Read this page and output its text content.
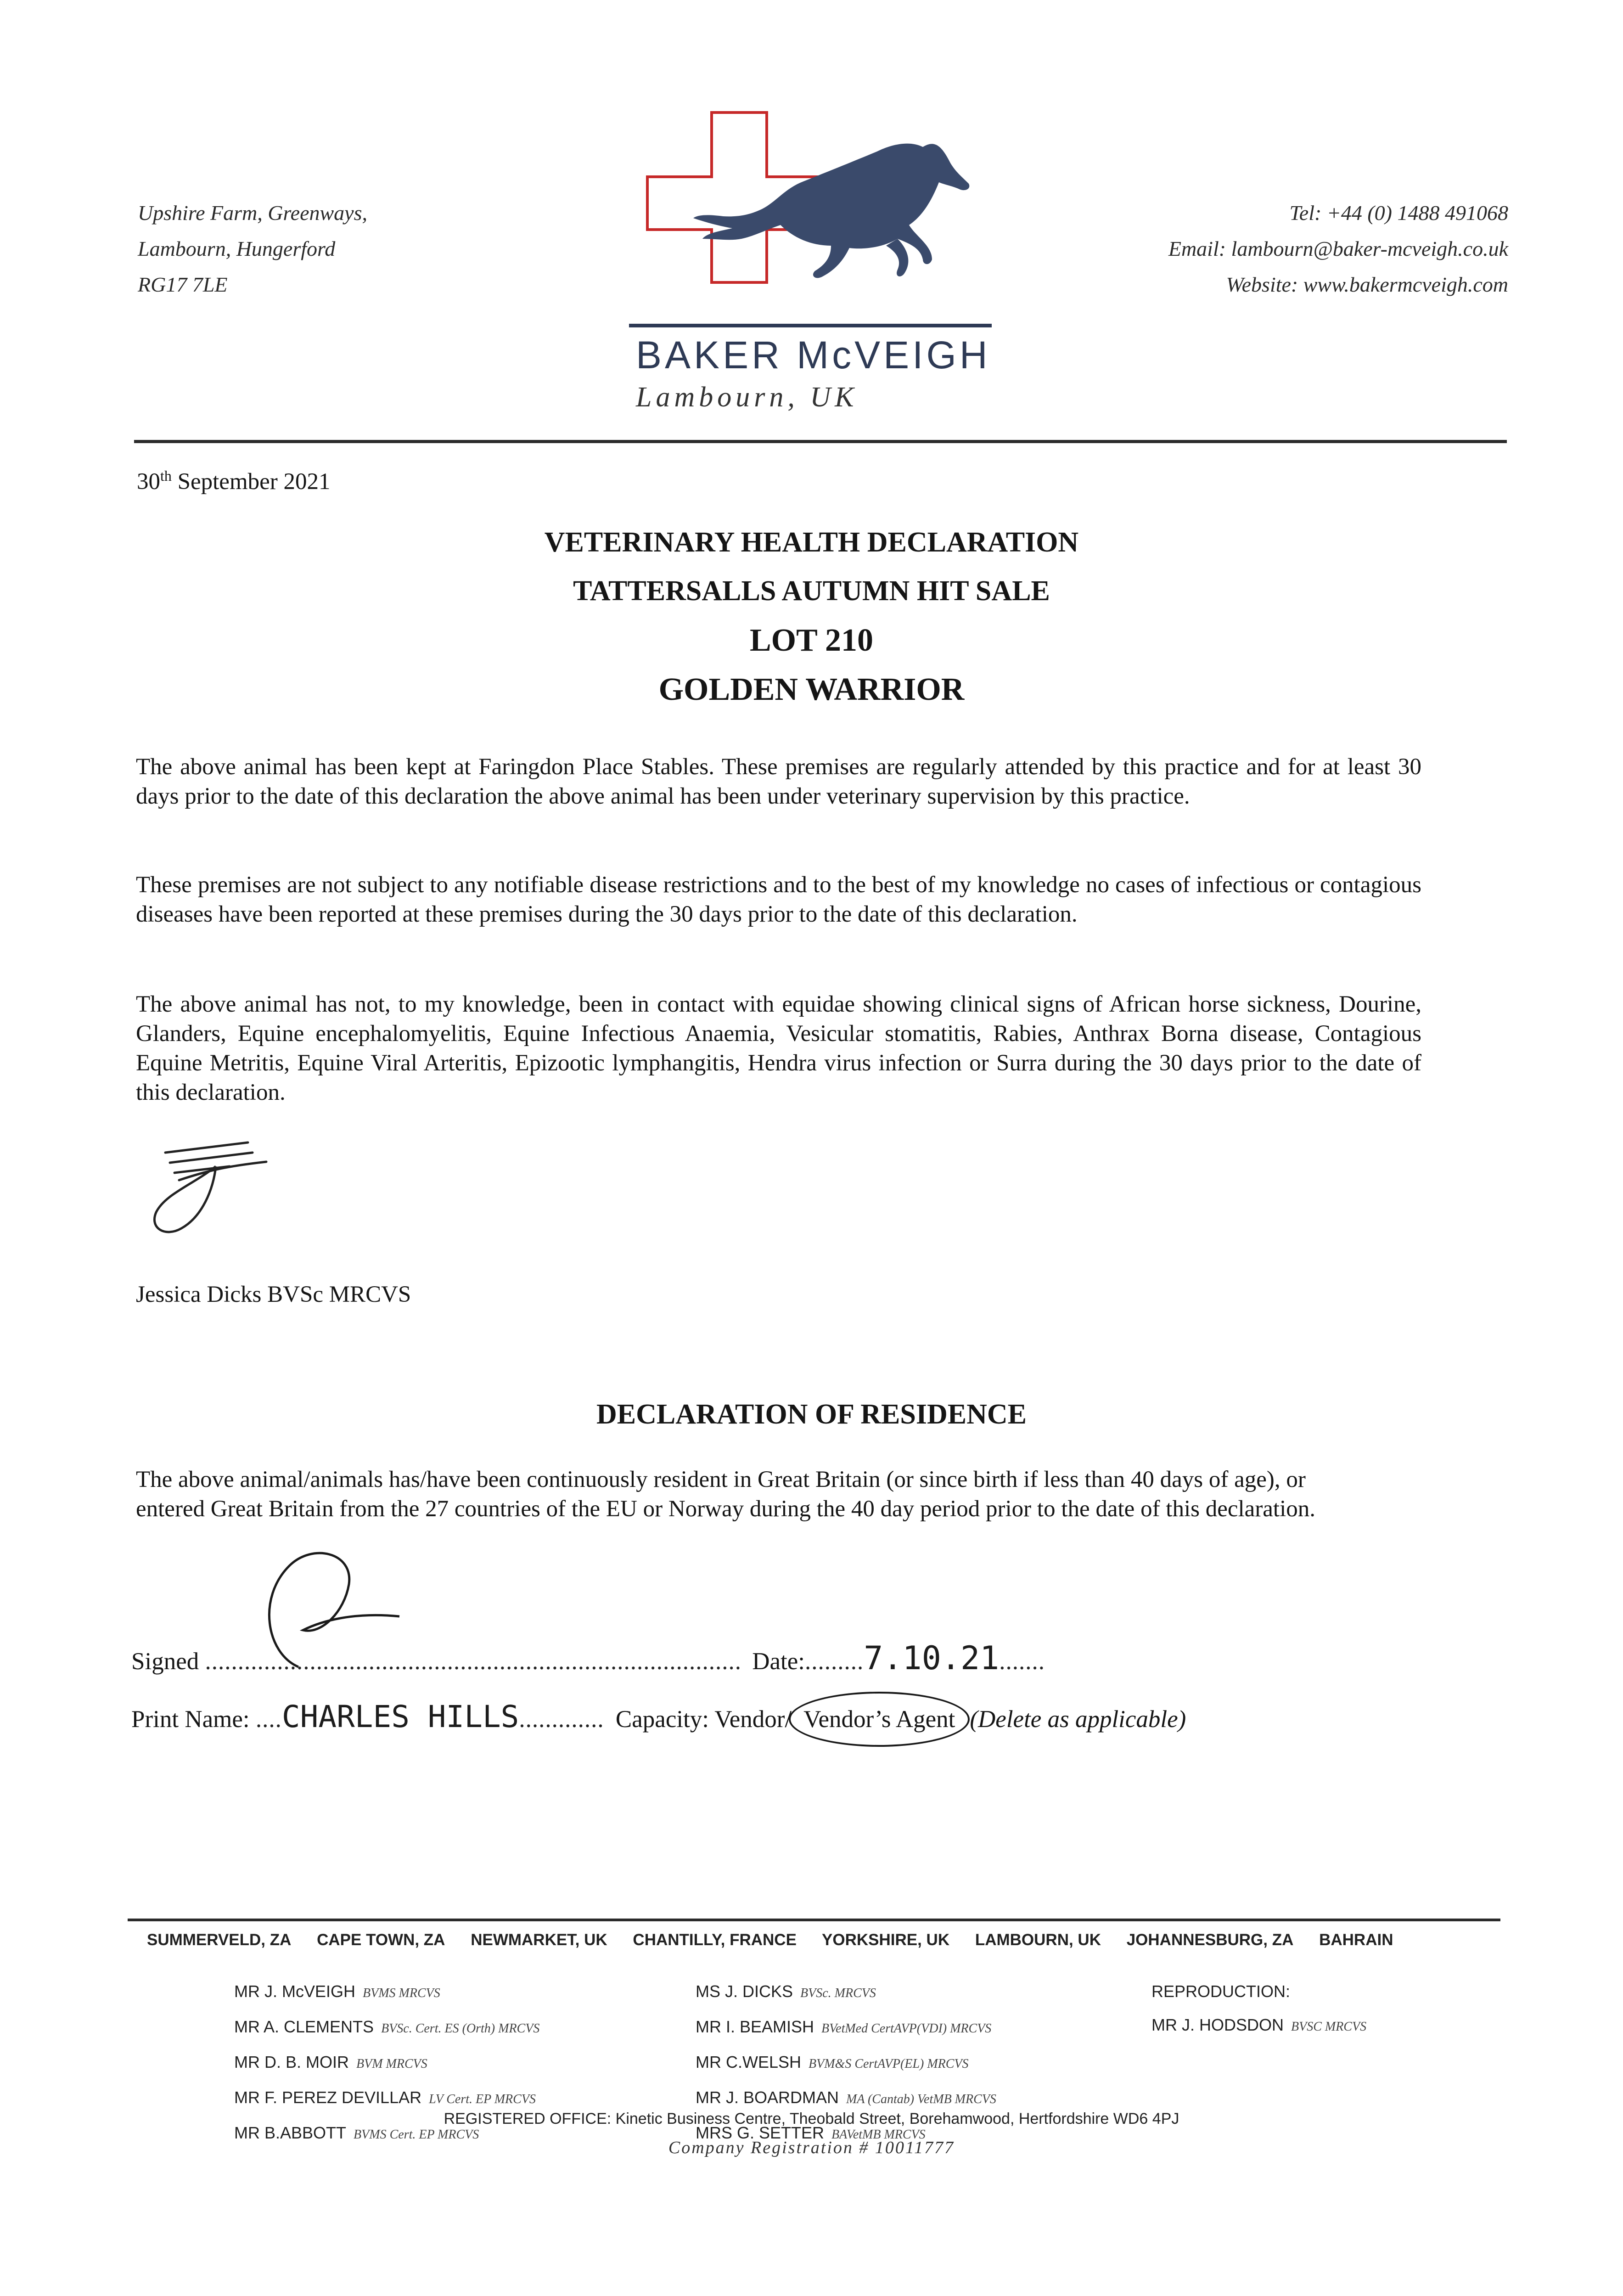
Upshire Farm, Greenways,
Lambourn, Hungerford
RG17 7LE
BAKER McVEIGH
Lambourn, UK
Tel: +44 (0) 1488 491068
Email: lambourn@baker-mcveigh.co.uk
Website: www.bakermcveigh.com
30th September 2021
VETERINARY HEALTH DECLARATION
TATTERSALLS AUTUMN HIT SALE
LOT 210
GOLDEN WARRIOR
The above animal has been kept at Faringdon Place Stables. These premises are regularly attended by this practice and for at least 30 days prior to the date of this declaration the above animal has been under veterinary supervision by this practice.
These premises are not subject to any notifiable disease restrictions and to the best of my knowledge no cases of infectious or contagious diseases have been reported at these premises during the 30 days prior to the date of this declaration.
The above animal has not, to my knowledge, been in contact with equidae showing clinical signs of African horse sickness, Dourine, Glanders, Equine encephalomyelitis, Equine Infectious Anaemia, Vesicular stomatitis, Rabies, Anthrax Borna disease, Contagious Equine Metritis, Equine Viral Arteritis, Epizootic lymphangitis, Hendra virus infection or Surra during the 30 days prior to the date of this declaration.
Jessica Dicks BVSc MRCVS
DECLARATION OF RESIDENCE
The above animal/animals has/have been continuously resident in Great Britain (or since birth if less than 40 days of age), or entered Great Britain from the 27 countries of the EU or Norway during the 40 day period prior to the date of this declaration.
Signed .................................................................................. Date:.........7.10.21.......
Print Name: ....CHARLES HILLS............. Capacity: Vendor/ Vendor’s Agent (Delete as applicable)
SUMMERVELD, ZA CAPE TOWN, ZA NEWMARKET, UK CHANTILLY, FRANCE YORKSHIRE, UK LAMBOURN, UK JOHANNESBURG, ZA BAHRAIN
MR J. McVEIGH BVMS MRCVS
MR A. CLEMENTS BVSc. Cert. ES (Orth) MRCVS
MR D. B. MOIR BVM MRCVS
MR F. PEREZ DEVILLAR LV Cert. EP MRCVS
MR B.ABBOTT BVMS Cert. EP MRCVS
MS J. DICKS BVSc. MRCVS
MR I. BEAMISH BVetMed CertAVP(VDI) MRCVS
MR C.WELSH BVM&S CertAVP(EL) MRCVS
MR J. BOARDMAN MA (Cantab) VetMB MRCVS
MRS G. SETTER BAVetMB MRCVS
REPRODUCTION:
MR J. HODSDON BVSC MRCVS
REGISTERED OFFICE: Kinetic Business Centre, Theobald Street, Borehamwood, Hertfordshire WD6 4PJ
Company Registration # 10011777
